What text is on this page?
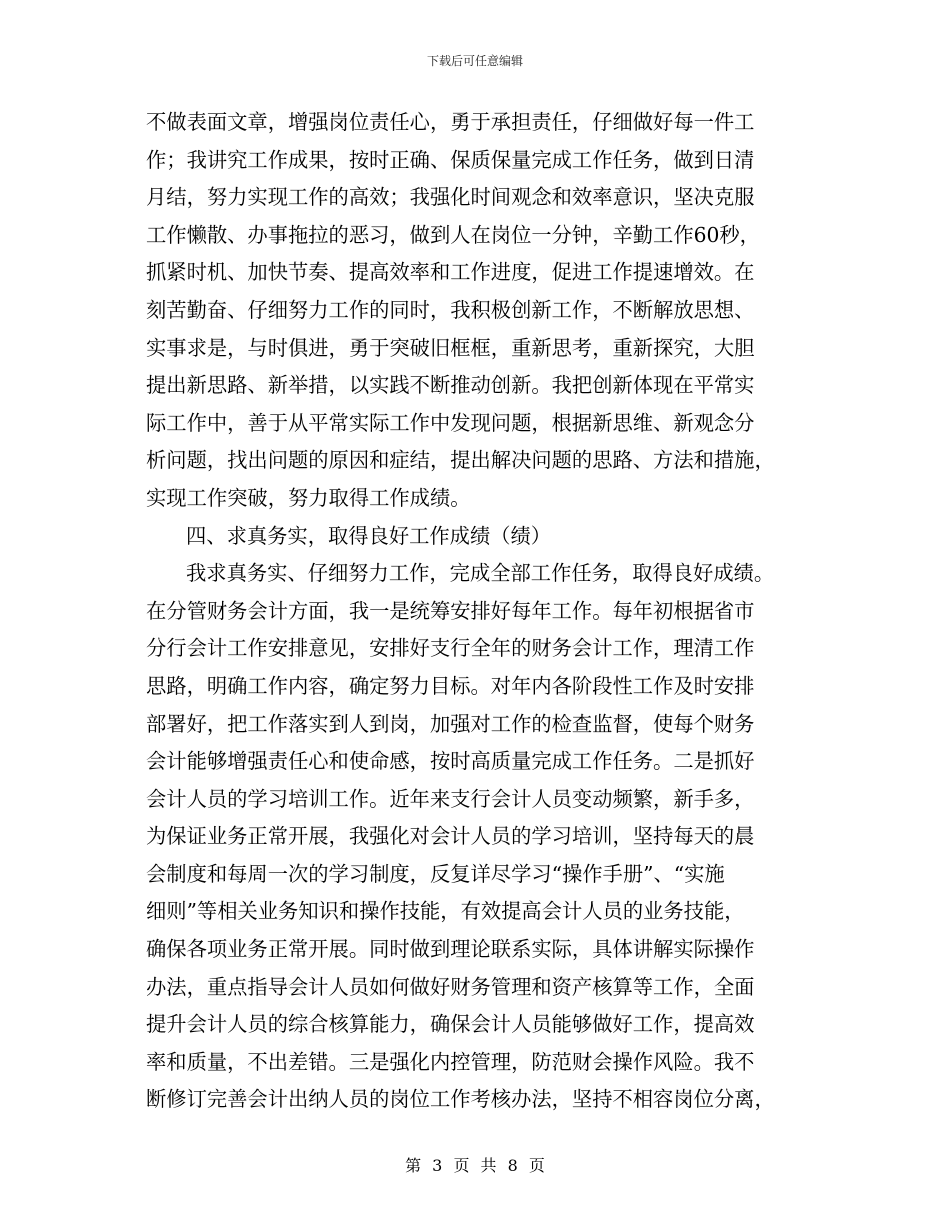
下载后可任意编辑

不做表面文章，增强岗位责任心，勇于承担责任，仔细做好每一件工

作；我讲究工作成果，按时正确、保质保量完成工作任务，做到日清

月结，努力实现工作的高效；我强化时间观念和效率意识，坚决克服

工作懒散、办事拖拉的恶习，做到人在岗位一分钟，辛勤工作60秒，

抓紧时机、加快节奏、提高效率和工作进度，促进工作提速增效。在

刻苦勤奋、仔细努力工作的同时，我积极创新工作，不断解放思想、

实事求是，与时俱进，勇于突破旧框框，重新思考，重新探究，大胆

提出新思路、新举措，以实践不断推动创新。我把创新体现在平常实

际工作中，善于从平常实际工作中发现问题，根据新思维、新观念分

析问题，找出问题的原因和症结，提出解决问题的思路、方法和措施，

实现工作突破，努力取得工作成绩。

四、求真务实，取得良好工作成绩（绩）

我求真务实、仔细努力工作，完成全部工作任务，取得良好成绩。

在分管财务会计方面，我一是统筹安排好每年工作。每年初根据省市

分行会计工作安排意见，安排好支行全年的财务会计工作，理清工作

思路，明确工作内容，确定努力目标。对年内各阶段性工作及时安排

部署好，把工作落实到人到岗，加强对工作的检查监督，使每个财务

会计能够增强责任心和使命感，按时高质量完成工作任务。二是抓好

会计人员的学习培训工作。近年来支行会计人员变动频繁，新手多，

为保证业务正常开展，我强化对会计人员的学习培训，坚持每天的晨

会制度和每周一次的学习制度，反复详尽学习“操作手册”、“实施

细则”等相关业务知识和操作技能，有效提高会计人员的业务技能，

确保各项业务正常开展。同时做到理论联系实际，具体讲解实际操作

办法，重点指导会计人员如何做好财务管理和资产核算等工作，全面

提升会计人员的综合核算能力，确保会计人员能够做好工作，提高效

率和质量，不出差错。三是强化内控管理，防范财会操作风险。我不

断修订完善会计出纳人员的岗位工作考核办法，坚持不相容岗位分离，

第 3 页 共 8 页
